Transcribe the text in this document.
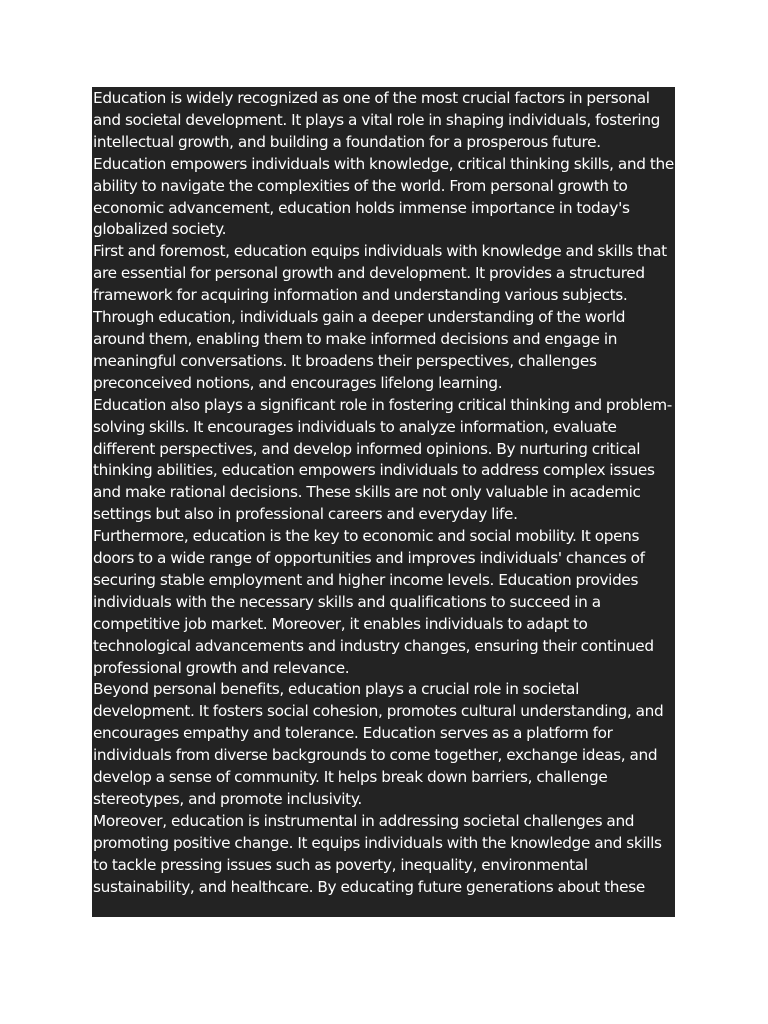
Education is widely recognized as one of the most crucial factors in personal and societal development. It plays a vital role in shaping individuals, fostering intellectual growth, and building a foundation for a prosperous future. Education empowers individuals with knowledge, critical thinking skills, and the ability to navigate the complexities of the world. From personal growth to economic advancement, education holds immense importance in today's globalized society.

First and foremost, education equips individuals with knowledge and skills that are essential for personal growth and development. It provides a structured framework for acquiring information and understanding various subjects. Through education, individuals gain a deeper understanding of the world around them, enabling them to make informed decisions and engage in meaningful conversations. It broadens their perspectives, challenges preconceived notions, and encourages lifelong learning.

Education also plays a significant role in fostering critical thinking and problem-solving skills. It encourages individuals to analyze information, evaluate different perspectives, and develop informed opinions. By nurturing critical thinking abilities, education empowers individuals to address complex issues and make rational decisions. These skills are not only valuable in academic settings but also in professional careers and everyday life.

Furthermore, education is the key to economic and social mobility. It opens doors to a wide range of opportunities and improves individuals' chances of securing stable employment and higher income levels. Education provides individuals with the necessary skills and qualifications to succeed in a competitive job market. Moreover, it enables individuals to adapt to technological advancements and industry changes, ensuring their continued professional growth and relevance.

Beyond personal benefits, education plays a crucial role in societal development. It fosters social cohesion, promotes cultural understanding, and encourages empathy and tolerance. Education serves as a platform for individuals from diverse backgrounds to come together, exchange ideas, and develop a sense of community. It helps break down barriers, challenge stereotypes, and promote inclusivity.

Moreover, education is instrumental in addressing societal challenges and promoting positive change. It equips individuals with the knowledge and skills to tackle pressing issues such as poverty, inequality, environmental sustainability, and healthcare. By educating future generations about these
